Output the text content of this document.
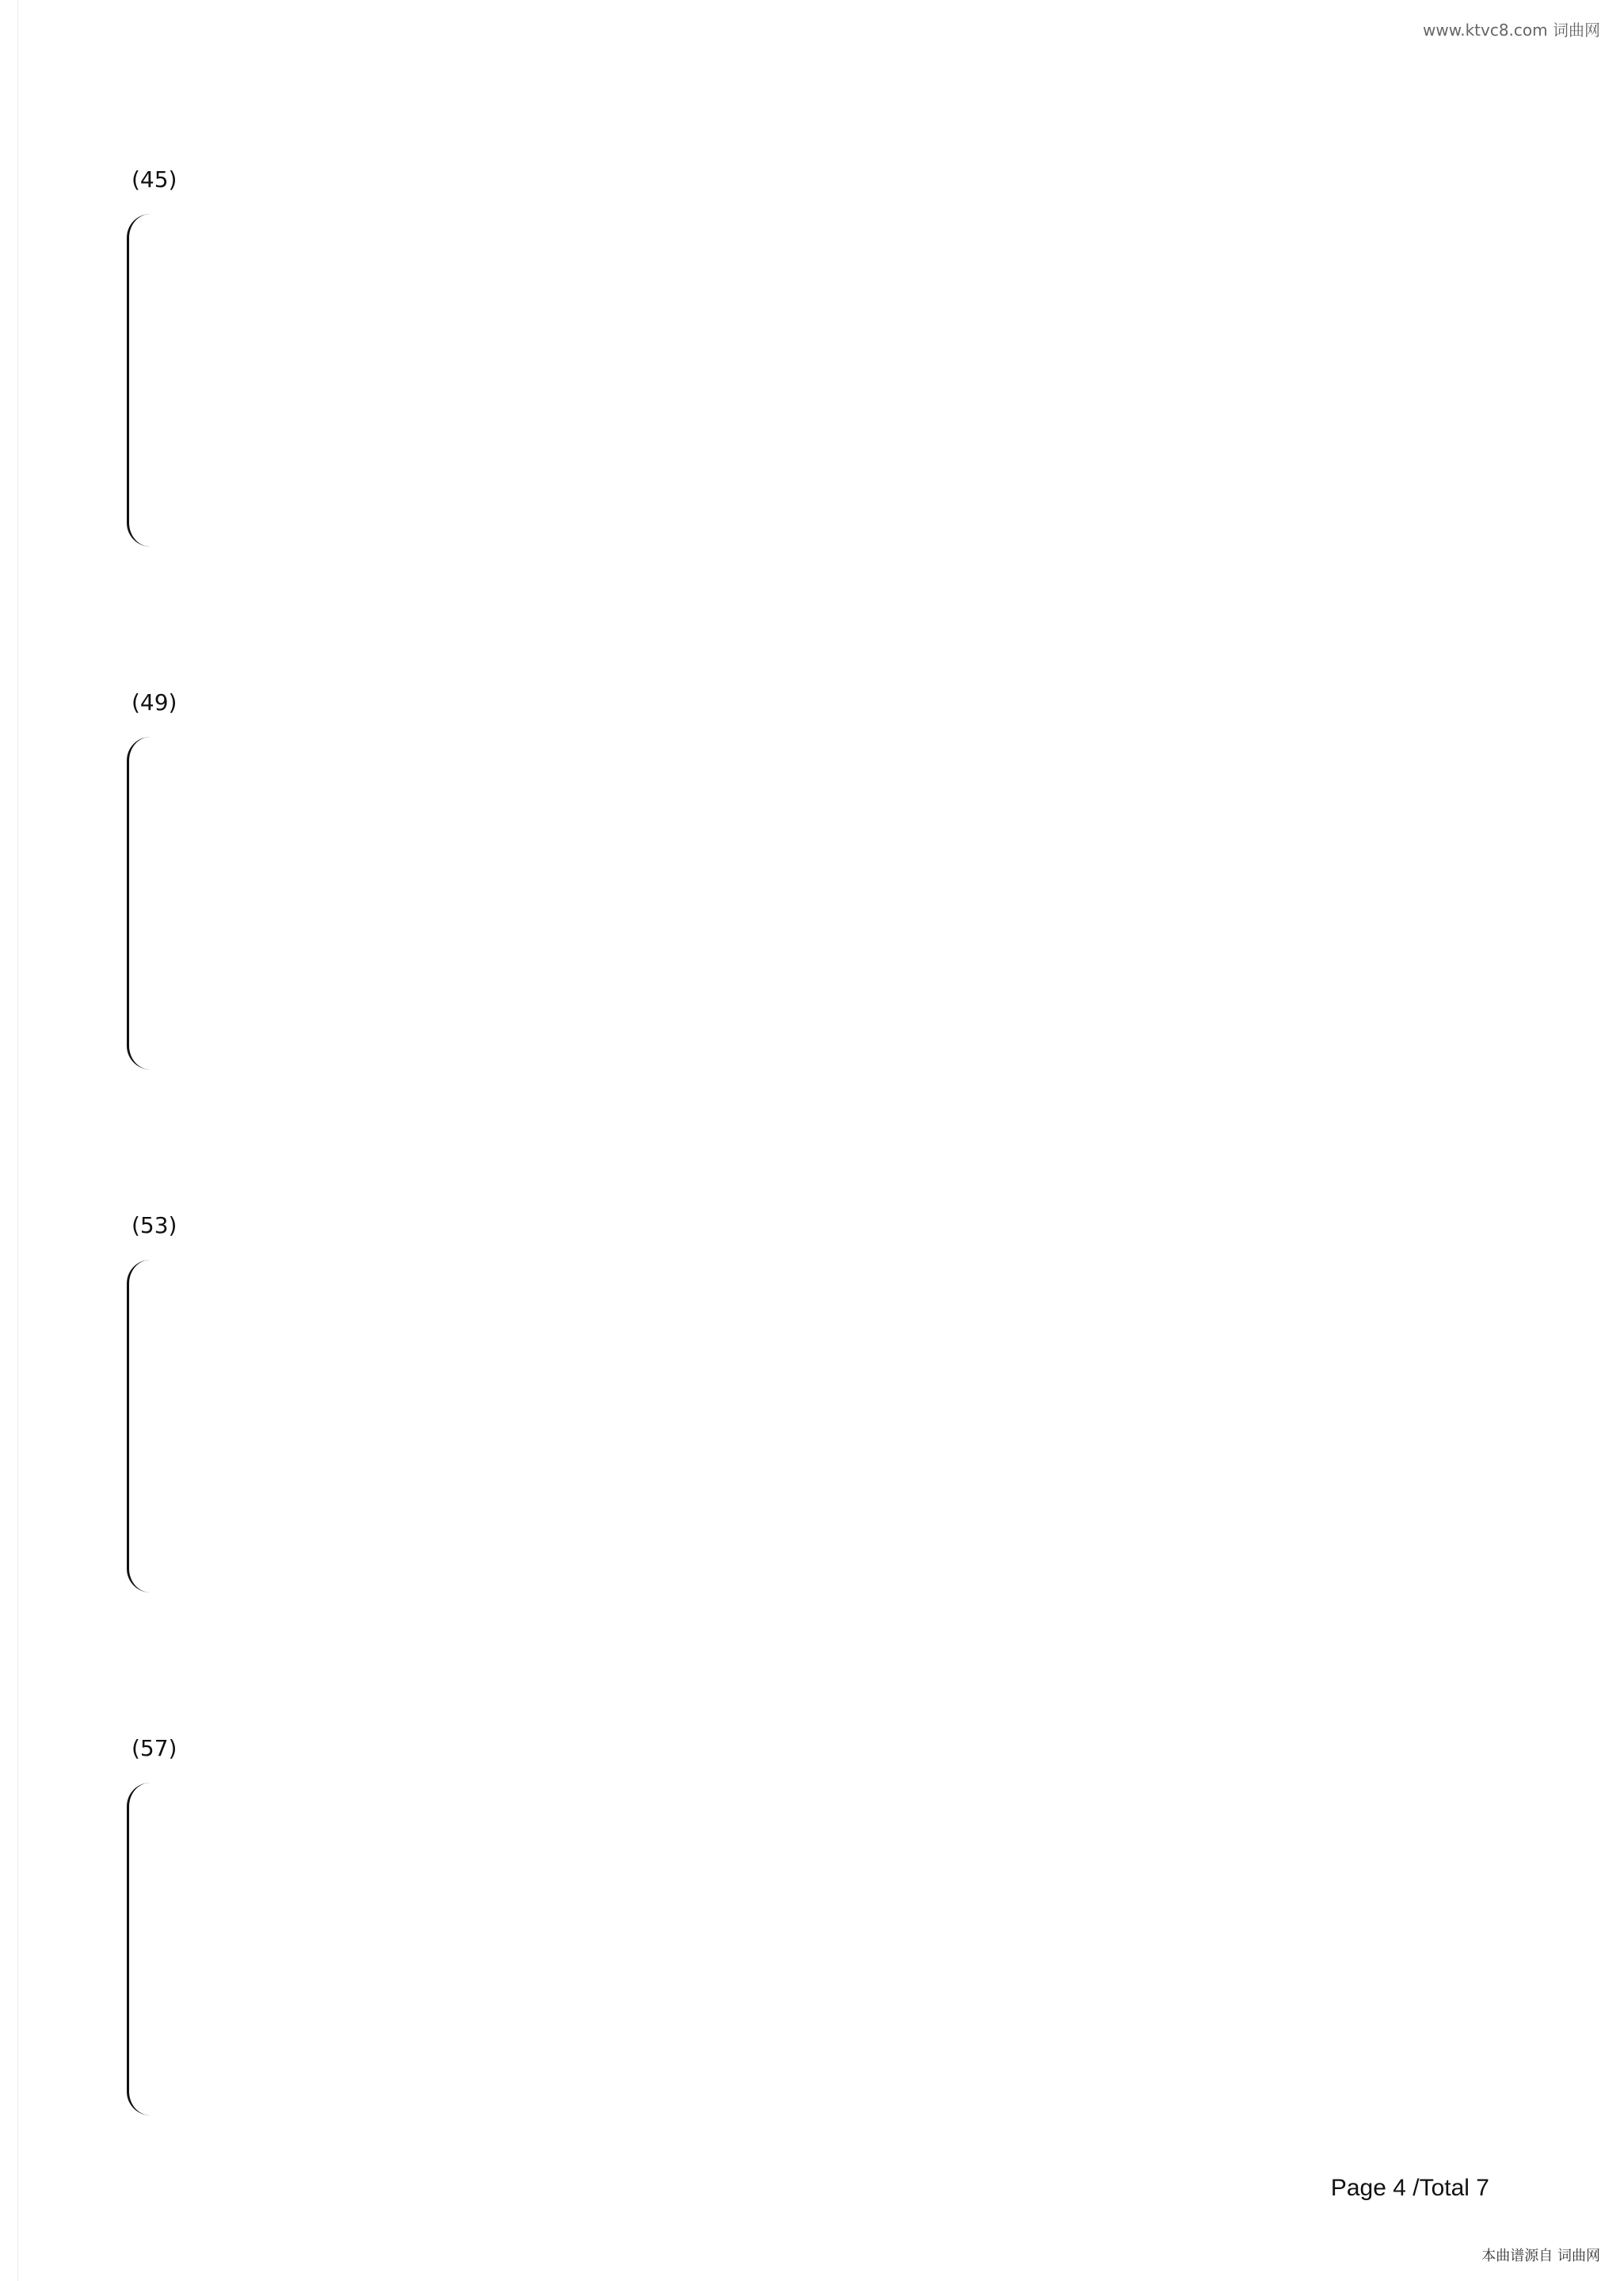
www.ktvc8.com 词曲网
(45)
(49)
(53)
(57)
Page 4 /Total 7
本曲谱源自 词曲网
